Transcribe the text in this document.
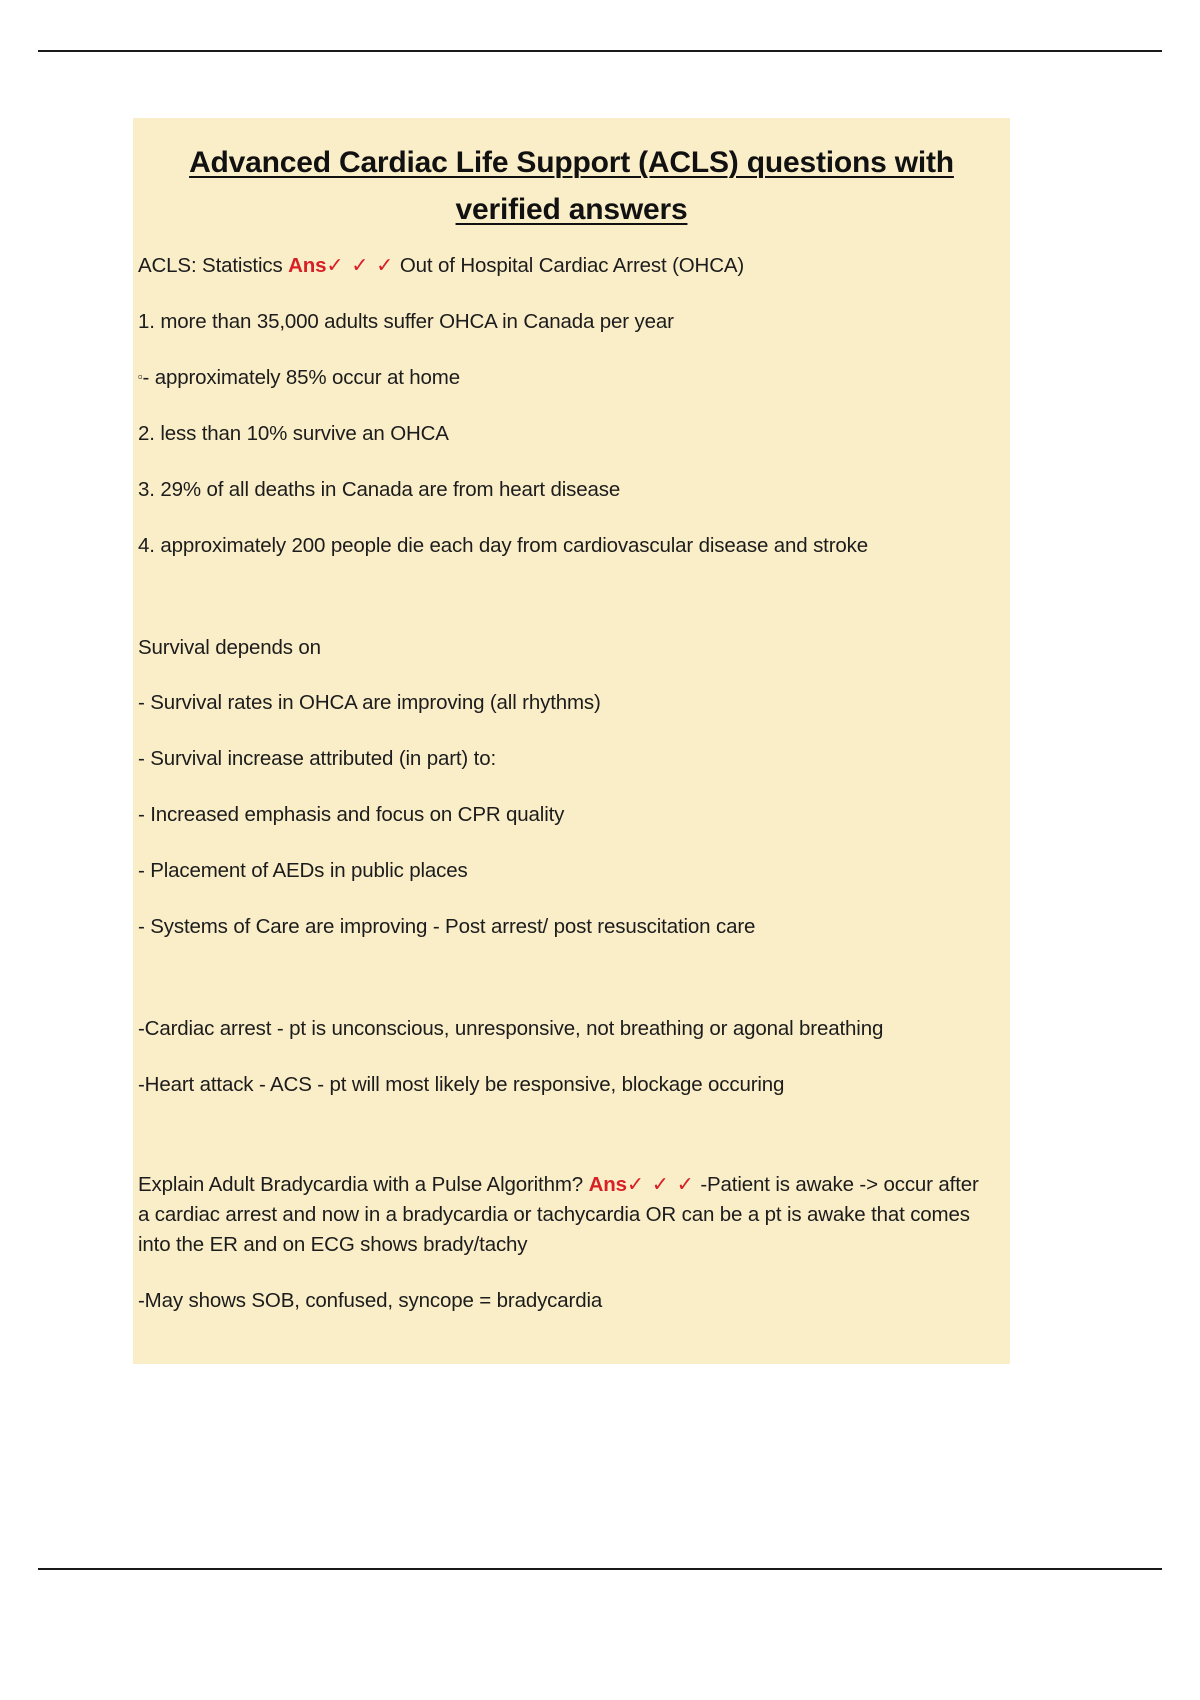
Advanced Cardiac Life Support (ACLS) questions with
verified answers

ACLS: Statistics Ans✓ ✓ ✓ Out of Hospital Cardiac Arrest (OHCA)

1. more than 35,000 adults suffer OHCA in Canada per year

▫- approximately 85% occur at home

2. less than 10% survive an OHCA

3. 29% of all deaths in Canada are from heart disease

4. approximately 200 people die each day from cardiovascular disease and stroke

Survival depends on

- Survival rates in OHCA are improving (all rhythms)

- Survival increase attributed (in part) to:

- Increased emphasis and focus on CPR quality

- Placement of AEDs in public places

- Systems of Care are improving - Post arrest/ post resuscitation care

-Cardiac arrest - pt is unconscious, unresponsive, not breathing or agonal breathing

-Heart attack - ACS - pt will most likely be responsive, blockage occuring

Explain Adult Bradycardia with a Pulse Algorithm? Ans✓ ✓ ✓ -Patient is awake -> occur after a cardiac arrest and now in a bradycardia or tachycardia OR can be a pt is awake that comes into the ER and on ECG shows brady/tachy

-May shows SOB, confused, syncope = bradycardia
